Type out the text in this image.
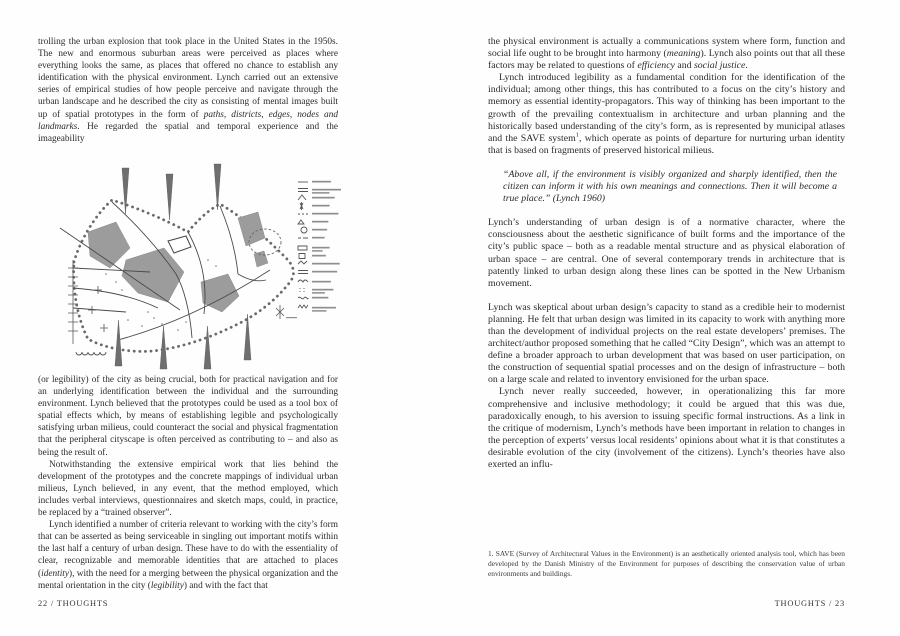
trolling the urban explosion that took place in the United States in the 1950s. The new and enormous suburban areas were perceived as places where everything looks the same, as places that offered no chance to establish any identification with the physical environment. Lynch carried out an extensive series of empirical studies of how people perceive and navigate through the urban landscape and he described the city as consisting of mental images built up of spatial prototypes in the form of paths, districts, edges, nodes and landmarks. He regarded the spatial and temporal experience and the imageability

(or legibility) of the city as being crucial, both for practical navigation and for an underlying identification between the individual and the surrounding environment. Lynch believed that the prototypes could be used as a tool box of spatial effects which, by means of establishing legible and psychologically satisfying urban milieus, could counteract the social and physical fragmentation that the peripheral cityscape is often perceived as contributing to – and also as being the result of.

Notwithstanding the extensive empirical work that lies behind the development of the prototypes and the concrete mappings of individual urban milieus, Lynch believed, in any event, that the method employed, which includes verbal interviews, questionnaires and sketch maps, could, in practice, be replaced by a “trained observer”.

Lynch identified a number of criteria relevant to working with the city’s form that can be asserted as being serviceable in singling out important motifs within the last half a century of urban design. These have to do with the essentiality of clear, recognizable and memorable identities that are attached to places (identity), with the need for a merging between the physical organization and the mental orientation in the city (legibility) and with the fact that

22 / THOUGHTS

the physical environment is actually a communications system where form, function and social life ought to be brought into harmony (meaning). Lynch also points out that all these factors may be related to questions of efficiency and social justice.

Lynch introduced legibility as a fundamental condition for the identification of the individual; among other things, this has contributed to a focus on the city’s history and memory as essential identity-propagators. This way of thinking has been important to the growth of the prevailing contextualism in architecture and urban planning and the historically based understanding of the city’s form, as is represented by municipal atlases and the SAVE system$^1$, which operate as points of departure for nurturing urban identity that is based on fragments of preserved historical milieus.

“Above all, if the environment is visibly organized and sharply identified, then the citizen can inform it with his own meanings and connections. Then it will become a true place.” (Lynch 1960)

Lynch’s understanding of urban design is of a normative character, where the consciousness about the aesthetic significance of built forms and the importance of the city’s public space – both as a readable mental structure and as physical elaboration of urban space – are central. One of several contemporary trends in architecture that is patently linked to urban design along these lines can be spotted in the New Urbanism movement.

Lynch was skeptical about urban design’s capacity to stand as a credible heir to modernist planning. He felt that urban design was limited in its capacity to work with anything more than the development of individual projects on the real estate developers’ premises. The architect/author proposed something that he called “City Design”, which was an attempt to define a broader approach to urban development that was based on user participation, on the construction of sequential spatial processes and on the design of infrastructure – both on a large scale and related to inventory envisioned for the urban space.

Lynch never really succeeded, however, in operationalizing this far more comprehensive and inclusive methodology; it could be argued that this was due, paradoxically enough, to his aversion to issuing specific formal instructions. As a link in the critique of modernism, Lynch’s methods have been important in relation to changes in the perception of experts’ versus local residents’ opinions about what it is that constitutes a desirable evolution of the city (involvement of the citizens). Lynch’s theories have also exerted an influ-

1. SAVE (Survey of Architectural Values in the Environment) is an aesthetically oriented analysis tool, which has been developed by the Danish Ministry of the Environment for purposes of describing the conservation value of urban environments and buildings.
THOUGHTS / 23
